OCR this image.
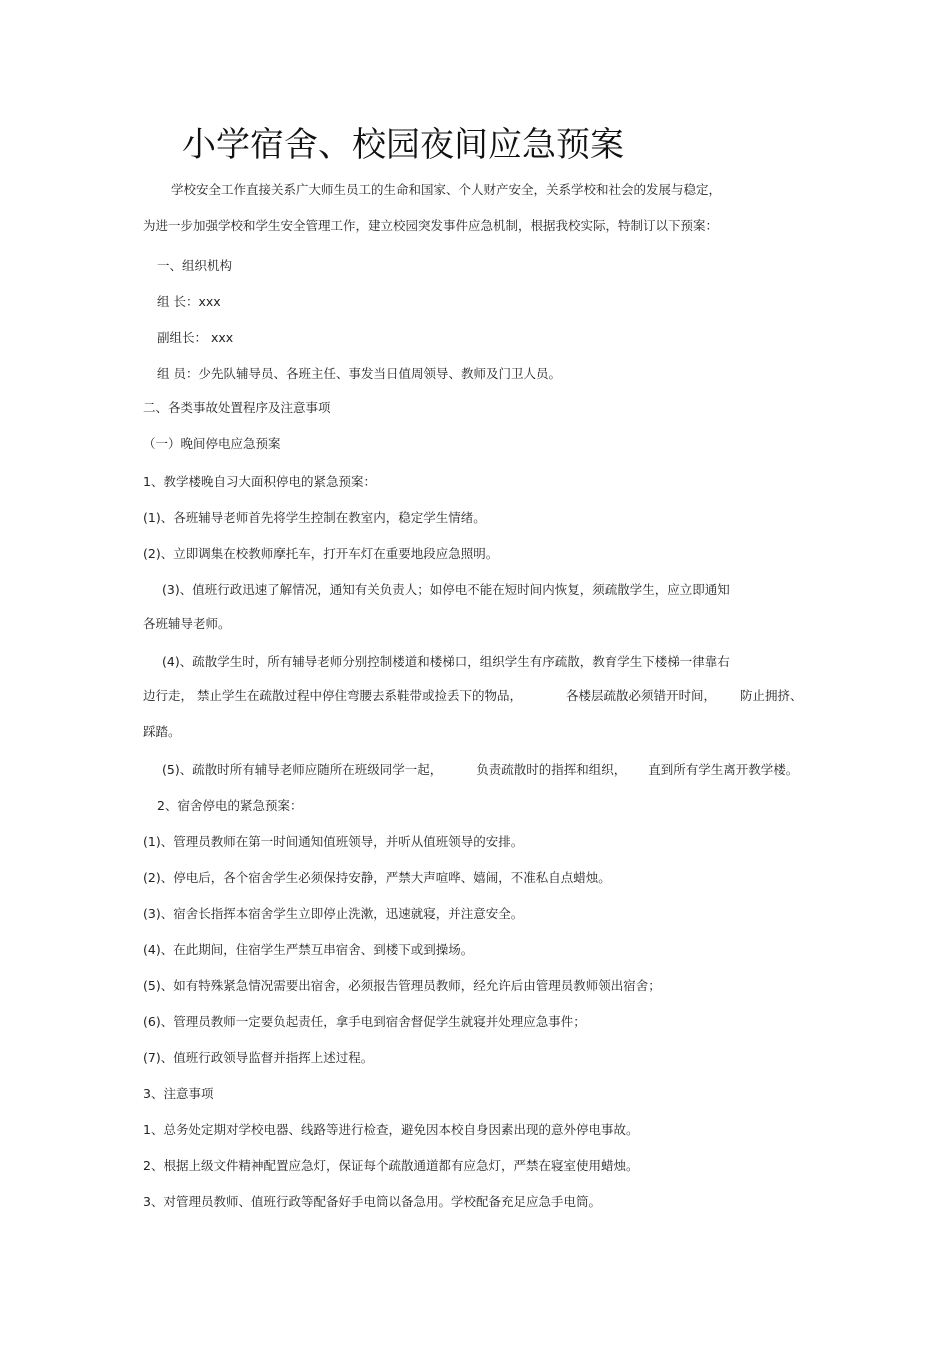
小学宿舍、校园夜间应急预案
学校安全工作直接关系广大师生员工的生命和国家、个人财产安全，关系学校和社会的发展与稳定，
为进一步加强学校和学生安全管理工作，建立校园突发事件应急机制，根据我校实际，特制订以下预案：
一、组织机构
组 长：xxx
副组长： xxx
组 员：少先队辅导员、各班主任、事发当日值周领导、教师及门卫人员。
二、各类事故处置程序及注意事项
（一）晚间停电应急预案
1、教学楼晚自习大面积停电的紧急预案：
(1)、各班辅导老师首先将学生控制在教室内，稳定学生情绪。
(2)、立即调集在校教师摩托车，打开车灯在重要地段应急照明。
(3)、值班行政迅速了解情况，通知有关负责人；如停电不能在短时间内恢复，须疏散学生，应立即通知
各班辅导老师。
(4)、疏散学生时，所有辅导老师分别控制楼道和楼梯口，组织学生有序疏散，教育学生下楼梯一律靠右
边行走， 禁止学生在疏散过程中停住弯腰去系鞋带或捡丢下的物品，	各楼层疏散必须错开时间， 防止拥挤、
踩踏。
(5)、疏散时所有辅导老师应随所在班级同学一起，	负责疏散时的指挥和组织， 直到所有学生离开教学楼。
2、宿舍停电的紧急预案：
(1)、管理员教师在第一时间通知值班领导，并听从值班领导的安排。
(2)、停电后，各个宿舍学生必须保持安静，严禁大声喧哗、嬉闹，不准私自点蜡烛。
(3)、宿舍长指挥本宿舍学生立即停止洗漱，迅速就寝，并注意安全。
(4)、在此期间，住宿学生严禁互串宿舍、到楼下或到操场。
(5)、如有特殊紧急情况需要出宿舍，必须报告管理员教师，经允许后由管理员教师领出宿舍；
(6)、管理员教师一定要负起责任，拿手电到宿舍督促学生就寝并处理应急事件；
(7)、值班行政领导监督并指挥上述过程。
3、注意事项
1、总务处定期对学校电器、线路等进行检查，避免因本校自身因素出现的意外停电事故。
2、根据上级文件精神配置应急灯，保证每个疏散通道都有应急灯，严禁在寝室使用蜡烛。
3、对管理员教师、值班行政等配备好手电筒以备急用。学校配备充足应急手电筒。
